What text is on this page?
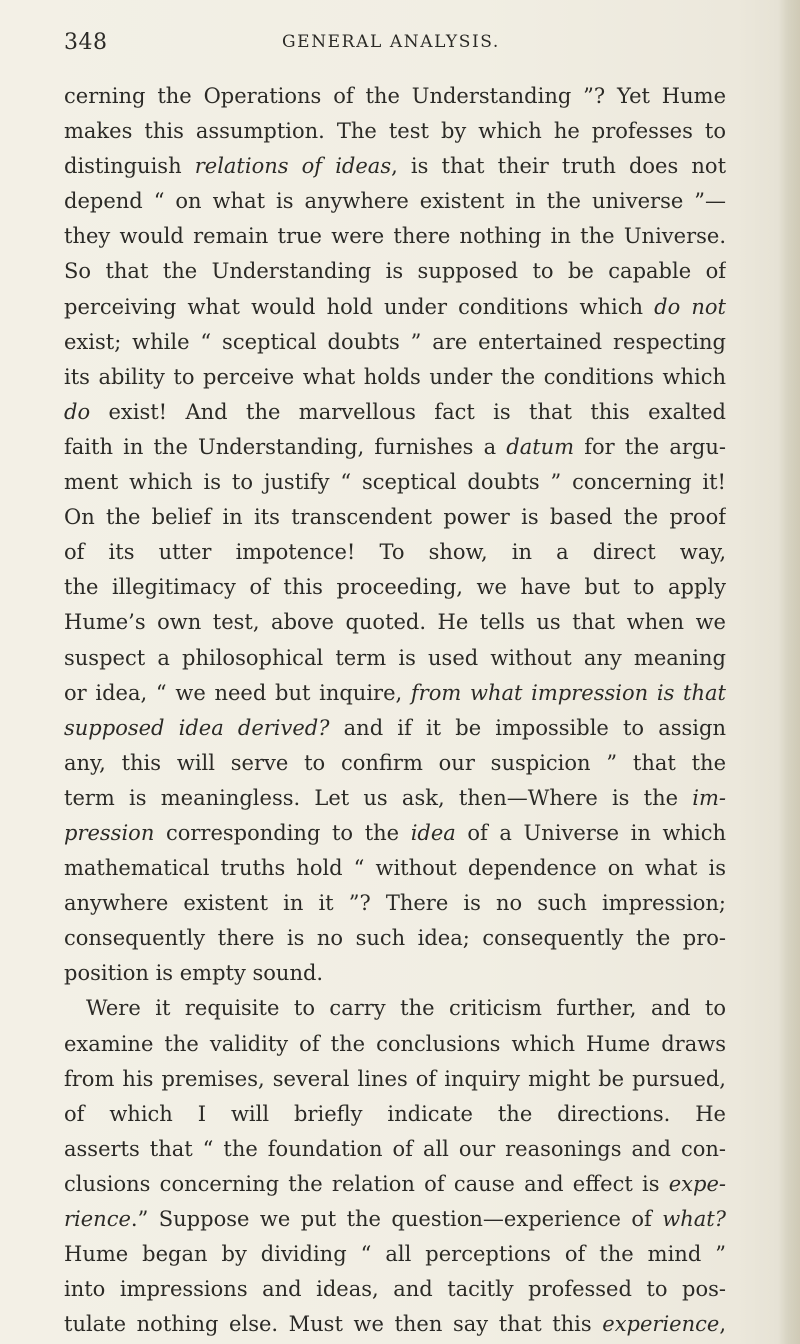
348	GENERAL ANALYSIS.
cerning the Operations of the Understanding ”? Yet Hume
makes this assumption. The test by which he professes to
distinguish relations of ideas, is that their truth does not
depend “ on what is anywhere existent in the universe ”—
they would remain true were there nothing in the Universe.
So that the Understanding is supposed to be capable of
perceiving what would hold under conditions which do not
exist; while “ sceptical doubts ” are entertained respecting
its ability to perceive what holds under the conditions which
do exist! And the marvellous fact is that this exalted
faith in the Understanding, furnishes a datum for the argu-
ment which is to justify “ sceptical doubts ” concerning it!
On the belief in its transcendent power is based the proof
of its utter impotence! To show, in a direct way,
the illegitimacy of this proceeding, we have but to apply
Hume’s own test, above quoted. He tells us that when we
suspect a philosophical term is used without any meaning
or idea, “ we need but inquire, from what impression is that
supposed idea derived? and if it be impossible to assign
any, this will serve to confirm our suspicion ” that the
term is meaningless. Let us ask, then—Where is the im-
pression corresponding to the idea of a Universe in which
mathematical truths hold “ without dependence on what is
anywhere existent in it ”? There is no such impression;
consequently there is no such idea; consequently the pro-
position is empty sound.
Were it requisite to carry the criticism further, and to
examine the validity of the conclusions which Hume draws
from his premises, several lines of inquiry might be pursued,
of which I will briefly indicate the directions. He
asserts that “ the foundation of all our reasonings and con-
clusions concerning the relation of cause and effect is expe-
rience.” Suppose we put the question—experience of what?
Hume began by dividing “ all perceptions of the mind ”
into impressions and ideas, and tacitly professed to pos-
tulate nothing else. Must we then say that this experience,
